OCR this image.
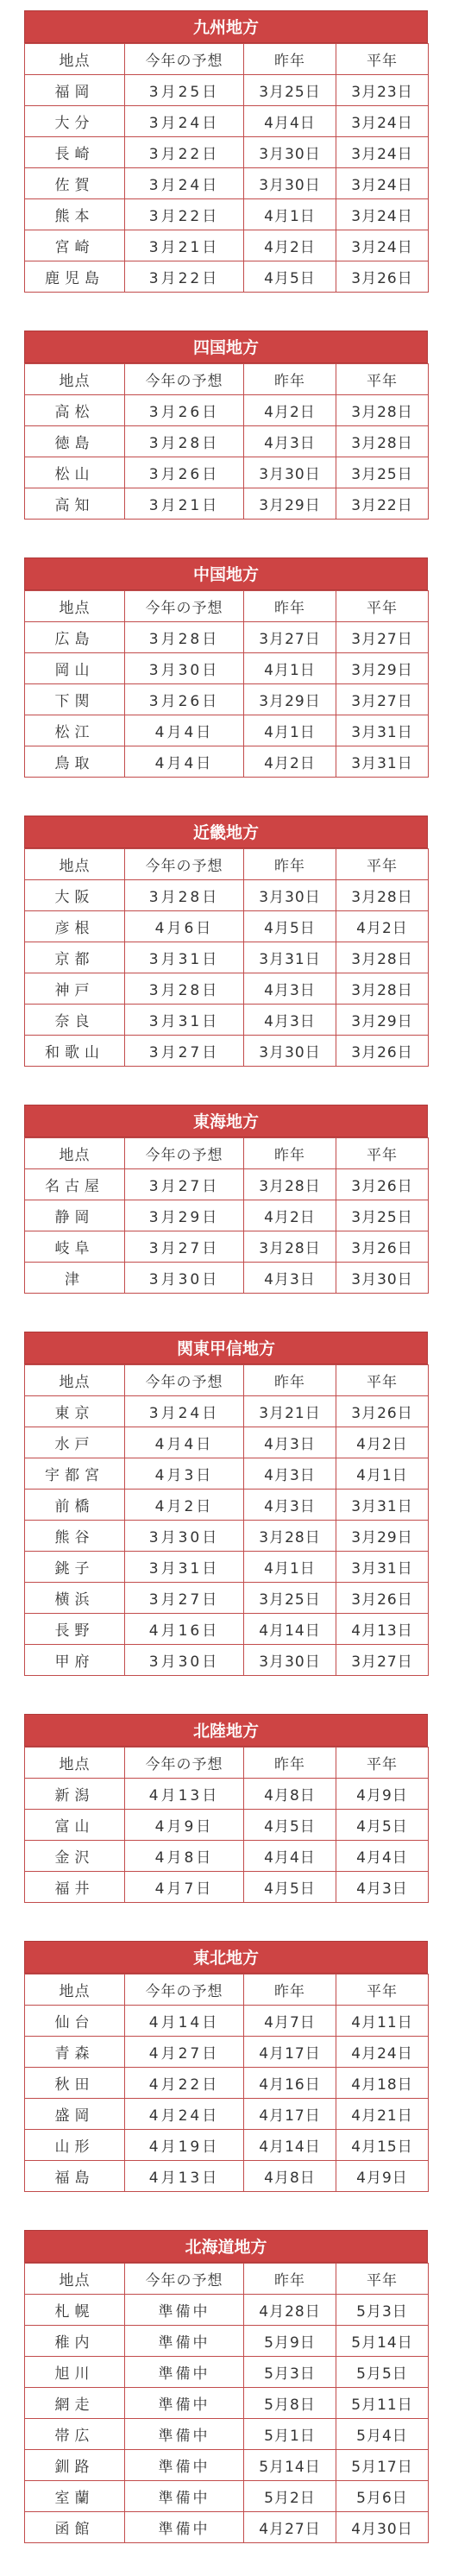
九州地方
地点	今年の予想	昨年	平年
福岡	3月25日	3月25日	3月23日
大分	3月24日	4月4日	3月24日
長崎	3月22日	3月30日	3月24日
佐賀	3月24日	3月30日	3月24日
熊本	3月22日	4月1日	3月24日
宮崎	3月21日	4月2日	3月24日
鹿児島	3月22日	4月5日	3月26日
四国地方
地点	今年の予想	昨年	平年
高松	3月26日	4月2日	3月28日
徳島	3月28日	4月3日	3月28日
松山	3月26日	3月30日	3月25日
高知	3月21日	3月29日	3月22日
中国地方
地点	今年の予想	昨年	平年
広島	3月28日	3月27日	3月27日
岡山	3月30日	4月1日	3月29日
下関	3月26日	3月29日	3月27日
松江	4月4日	4月1日	3月31日
鳥取	4月4日	4月2日	3月31日
近畿地方
地点	今年の予想	昨年	平年
大阪	3月28日	3月30日	3月28日
彦根	4月6日	4月5日	4月2日
京都	3月31日	3月31日	3月28日
神戸	3月28日	4月3日	3月28日
奈良	3月31日	4月3日	3月29日
和歌山	3月27日	3月30日	3月26日
東海地方
地点	今年の予想	昨年	平年
名古屋	3月27日	3月28日	3月26日
静岡	3月29日	4月2日	3月25日
岐阜	3月27日	3月28日	3月26日
津	3月30日	4月3日	3月30日
関東甲信地方
地点	今年の予想	昨年	平年
東京	3月24日	3月21日	3月26日
水戸	4月4日	4月3日	4月2日
宇都宮	4月3日	4月3日	4月1日
前橋	4月2日	4月3日	3月31日
熊谷	3月30日	3月28日	3月29日
銚子	3月31日	4月1日	3月31日
横浜	3月27日	3月25日	3月26日
長野	4月16日	4月14日	4月13日
甲府	3月30日	3月30日	3月27日
北陸地方
地点	今年の予想	昨年	平年
新潟	4月13日	4月8日	4月9日
富山	4月9日	4月5日	4月5日
金沢	4月8日	4月4日	4月4日
福井	4月7日	4月5日	4月3日
東北地方
地点	今年の予想	昨年	平年
仙台	4月14日	4月7日	4月11日
青森	4月27日	4月17日	4月24日
秋田	4月22日	4月16日	4月18日
盛岡	4月24日	4月17日	4月21日
山形	4月19日	4月14日	4月15日
福島	4月13日	4月8日	4月9日
北海道地方
地点	今年の予想	昨年	平年
札幌	準備中	4月28日	5月3日
稚内	準備中	5月9日	5月14日
旭川	準備中	5月3日	5月5日
網走	準備中	5月8日	5月11日
帯広	準備中	5月1日	5月4日
釧路	準備中	5月14日	5月17日
室蘭	準備中	5月2日	5月6日
函館	準備中	4月27日	4月30日
